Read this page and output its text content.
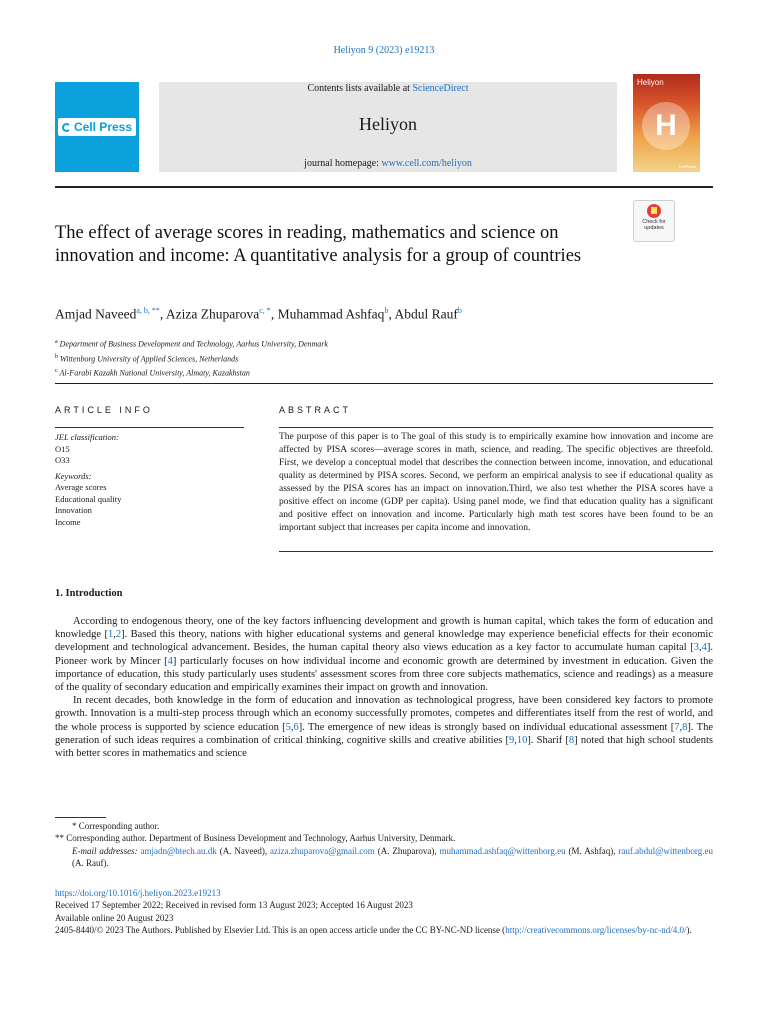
Heliyon 9 (2023) e19213
Cell Press
Contents lists available at ScienceDirect
Heliyon
journal homepage: www.cell.com/heliyon
Heliyon
H
CellPress
Check for
updates
The effect of average scores in reading, mathematics and science on innovation and income: A quantitative analysis for a group of countries
Amjad Naveed$^{a, b, **}$, Aziza Zhuparova$^{c, *}$, Muhammad Ashfaq$^b$, Abdul Rauf$^b$
$^a$ Department of Business Development and Technology, Aarhus University, Denmark
$^b$ Wittenborg University of Applied Sciences, Netherlands
$^c$ Al-Farabi Kazakh National University, Almaty, Kazakhstan
ARTICLE INFO	ABSTRACT
JEL classification:
O15
O33
Keywords:
Average scores
Educational quality
Innovation
Income
The purpose of this paper is to The goal of this study is to empirically examine how innovation and income are affected by PISA scores—average scores in math, science, and reading. The specific objectives are threefold. First, we develop a conceptual model that describes the connection between income, innovation, and educational quality as determined by PISA scores. Second, we perform an empirical analysis to see if educational quality as assessed by the PISA scores has an impact on innovation.Third, we also test whether the PISA scores have a positive effect on income (GDP per capita). Using panel mode, we find that education quality has a significant and positive effect on innovation and income. Particularly high math test scores have been found to be an important subject that increases per capita income and innovation.
1. Introduction

According to endogenous theory, one of the key factors influencing development and growth is human capital, which takes the form of education and knowledge [1,2]. Based this theory, nations with higher educational systems and general knowledge may experience beneficial effects for their economic development and technological advancement. Besides, the human capital theory also views education as a key factor to accumulate human capital [3,4]. Pioneer work by Mincer [4] particularly focuses on how individual income and economic growth are determined by investment in education. Given the importance of education, this study particularly uses students' assessment scores from three core subjects mathematics, science and readings) as a measure of the quality of secondary education and empirically examines their impact on growth and innovation.

In recent decades, both knowledge in the form of education and innovation as technological progress, have been considered key factors to promote growth. Innovation is a multi-step process through which an economy successfully promotes, competes and differentiates itself from the rest of world, and the whole process is supported by science education [5,6]. The emergence of new ideas is strongly based on individual educational assessment [7,8]. The generation of such ideas requires a combination of critical thinking, cognitive skills and creative abilities [9,10]. Sharif [8] noted that high school students with better scores in mathematics and science

* Corresponding author.
** Corresponding author. Department of Business Development and Technology, Aarhus University, Denmark.
E-mail addresses: amjadn@btech.au.dk (A. Naveed), aziza.zhuparova@gmail.com (A. Zhuparova), muhammad.ashfaq@wittenborg.eu (M. Ashfaq), rauf.abdul@wittenborg.eu (A. Rauf).
https://doi.org/10.1016/j.heliyon.2023.e19213
Received 17 September 2022; Received in revised form 13 August 2023; Accepted 16 August 2023
Available online 20 August 2023
2405-8440/© 2023 The Authors. Published by Elsevier Ltd. This is an open access article under the CC BY-NC-ND license (http://creativecommons.org/licenses/by-nc-nd/4.0/).
